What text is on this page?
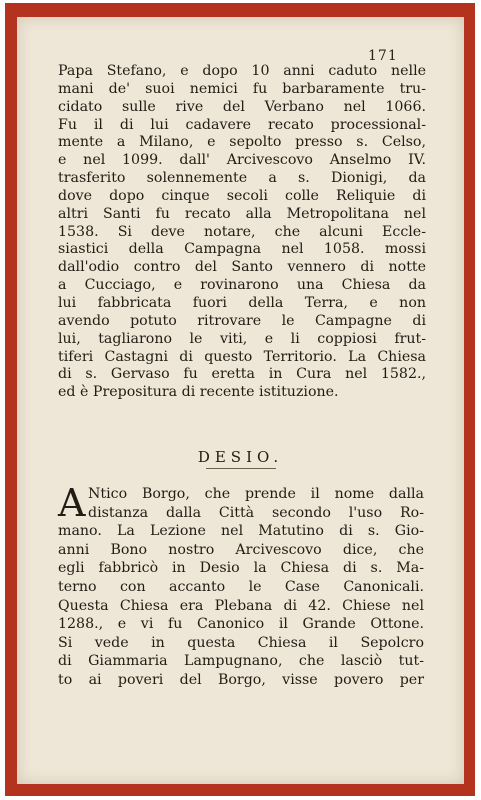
171
Papa Stefano, e dopo 10 anni caduto nelle
mani de' suoi nemici fu barbaramente tru-
cidato sulle rive del Verbano nel 1066.
Fu il di lui cadavere recato processional-
mente a Milano, e sepolto presso s. Celso,
e nel 1099. dall' Arcivescovo Anselmo IV.
trasferito solennemente a s. Dionigi, da
dove dopo cinque secoli colle Reliquie di
altri Santi fu recato alla Metropolitana nel
1538. Si deve notare, che alcuni Eccle-
siastici della Campagna nel 1058. mossi
dall'odio contro del Santo vennero di notte
a Cucciago, e rovinarono una Chiesa da
lui fabbricata fuori della Terra, e non
avendo potuto ritrovare le Campagne di
lui, tagliarono le viti, e li coppiosi frut-
tiferi Castagni di questo Territorio. La Chiesa
di s. Gervaso fu eretta in Cura nel 1582.,
ed è Prepositura di recente istituzione.
DESIO.
A Ntico Borgo, che prende il nome dalla
distanza dalla Città secondo l'uso Ro-
mano. La Lezione nel Matutino di s. Gio-
anni Bono nostro Arcivescovo dice, che
egli fabbricò in Desio la Chiesa di s. Ma-
terno con accanto le Case Canonicali.
Questa Chiesa era Plebana di 42. Chiese nel
1288., e vi fu Canonico il Grande Ottone.
Si vede in questa Chiesa il Sepolcro
di Giammaria Lampugnano, che lasciò tut-
to ai poveri del Borgo, visse povero per
